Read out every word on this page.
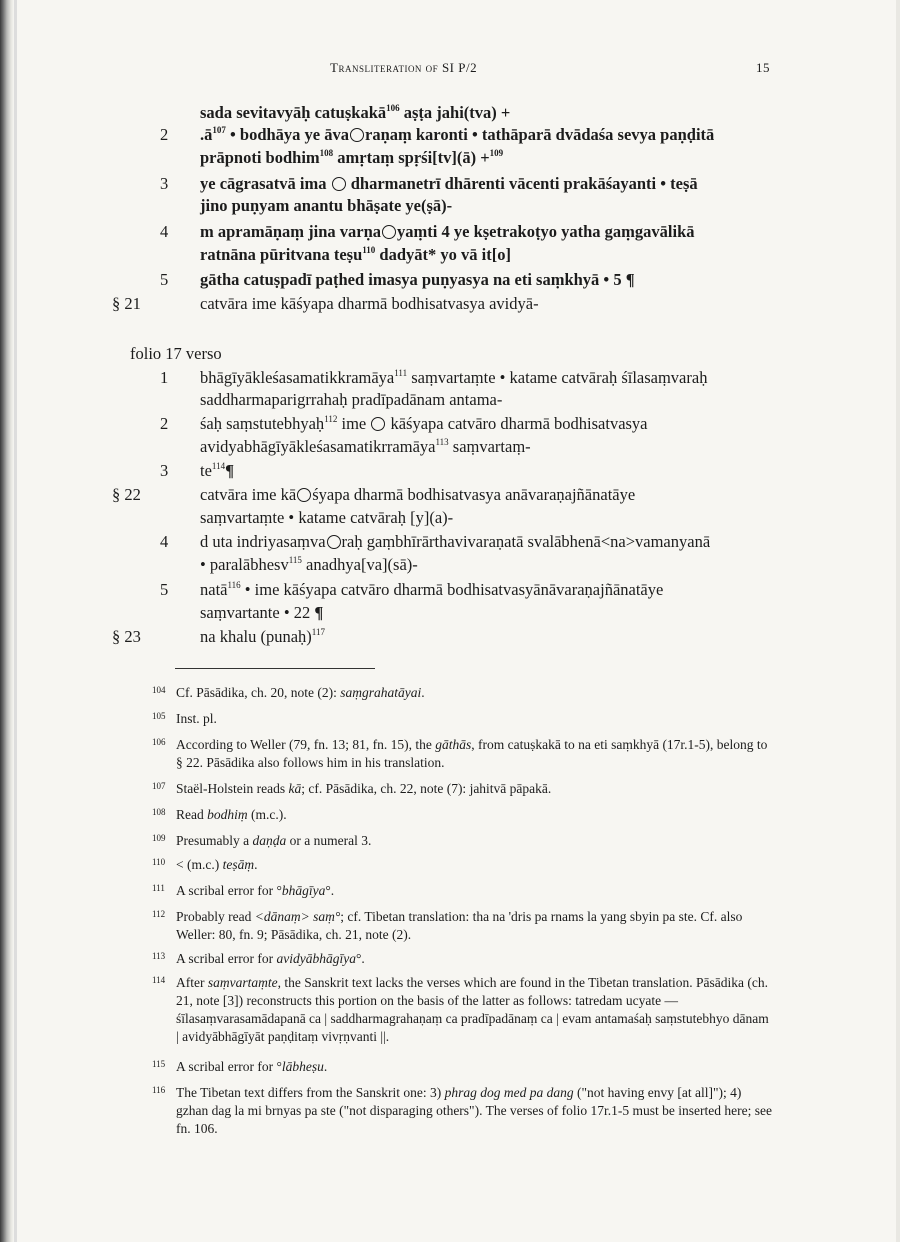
Transliteration of SI P/2	15
sada sevitavyāḥ catuṣkakā$^{106}$ aṣṭa jahi(tva) +
2 $.ā^{107}$ • bodhāya ye āva raṇaṃ karonti • tathāparā dvādaśa sevya paṇḍitā
prāpnoti bodhim$^{108}$ amṛtaṃ spṛśi[tv](ā) +$^{109}$
3 ye cāgrasatvā ima  dharmanetrī dhārenti vācenti prakāśayanti • teṣā
jino puṇyam anantu bhāṣate ye(ṣā)-
4 m apramāṇaṃ jina varṇa yaṃti 4 ye kṣetrakoṭyo yatha gaṃgavālikā
ratnāna pūritvana teṣu$^{110}$ dadyāt* yo vā it[o]
5 gātha catuṣpadī paṭhed imasya puṇyasya na eti saṃkhyā • 5 ¶
§ 21	catvāra ime kāśyapa dharmā bodhisatvasya avidyā-
folio 17 verso
1 bhāgīyākleśasamatikkramāya$^{111}$ saṃvartaṃte • katame catvāraḥ śīlasaṃvaraḥ
saddharmaparigrrahaḥ pradīpadānam antama-
2 śaḥ saṃstutebhyaḥ$^{112}$ ime  kāśyapa catvāro dharmā bodhisatvasya
avidyabhāgīyākleśasamatikrramāya$^{113}$ saṃvartaṃ-
3 $te^{114}\P$
§ 22	catvāra ime kā śyapa dharmā bodhisatvasya anāvaraṇajñānatāye
saṃvartaṃte • katame catvāraḥ [y](a)-
4 d uta indriyasaṃva raḥ gaṃbhīrārthavivaraṇatā svalābhenā<na>vamanyanā
• paralābhesv$^{115}$ anadhya[va](sā)-
5 natā$^{116}$ • ime kāśyapa catvāro dharmā bodhisatvasyānāvaraṇajñānatāye
saṃvartante • 22 ¶
§ 23	na khalu (punaḥ)$^{117}$
104 Cf. Pāsādika, ch. 20, note (2): saṃgrahatāyai.
105 Inst. pl.
106 According to Weller (79, fn. 13; 81, fn. 15), the gāthās, from catuṣkakā to na eti saṃkhyā (17r.1-5), belong to § 22. Pāsādika also follows him in his translation.
107 Staël-Holstein reads kā; cf. Pāsādika, ch. 22, note (7): jahitvā pāpakā.
108 Read bodhiṃ (m.c.).
109 Presumably a daṇḍa or a numeral 3.
110 < (m.c.) teṣāṃ.
111 A scribal error for °bhāgīya°.
112 Probably read <dānaṃ> saṃ°; cf. Tibetan translation: tha na 'dris pa rnams la yang sbyin pa ste. Cf. also Weller: 80, fn. 9; Pāsādika, ch. 21, note (2).
113 A scribal error for avidyābhāgīya°.
114 After saṃvartaṃte, the Sanskrit text lacks the verses which are found in the Tibetan translation. Pāsādika (ch. 21, note [3]) reconstructs this portion on the basis of the latter as follows: tatredam ucyate — śīlasaṃvarasamādapanā ca | saddharmagrahaṇaṃ ca pradīpadānaṃ ca | evam antamaśaḥ saṃstutebhyo dānam | avidyābhāgīyāt paṇḍitaṃ vivṛṇvanti ||.
115 A scribal error for °lābheṣu.
116 The Tibetan text differs from the Sanskrit one: 3) phrag dog med pa dang ("not having envy [at all]"); 4) gzhan dag la mi brnyas pa ste ("not disparaging others"). The verses of folio 17r.1-5 must be inserted here; see fn. 106.
